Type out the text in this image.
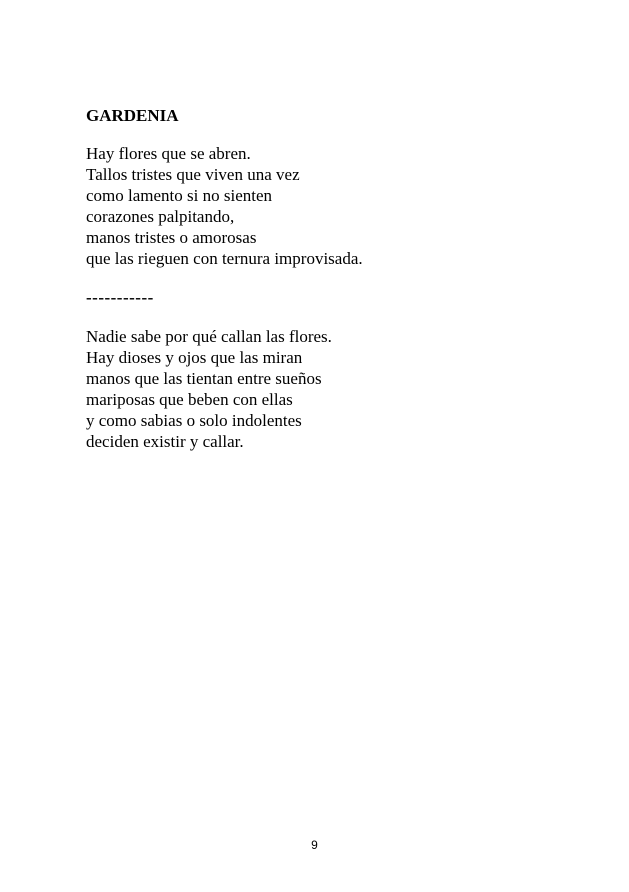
GARDENIA
Hay flores que se abren.
Tallos tristes que viven una vez
como lamento si no sienten
corazones palpitando,
manos tristes o amorosas
que las rieguen con ternura improvisada.
-----------
Nadie sabe por qué callan las flores.
Hay dioses y ojos que las miran
manos que las tientan entre sueños
mariposas que beben con ellas
y como sabias o solo indolentes
deciden existir y callar.
9
